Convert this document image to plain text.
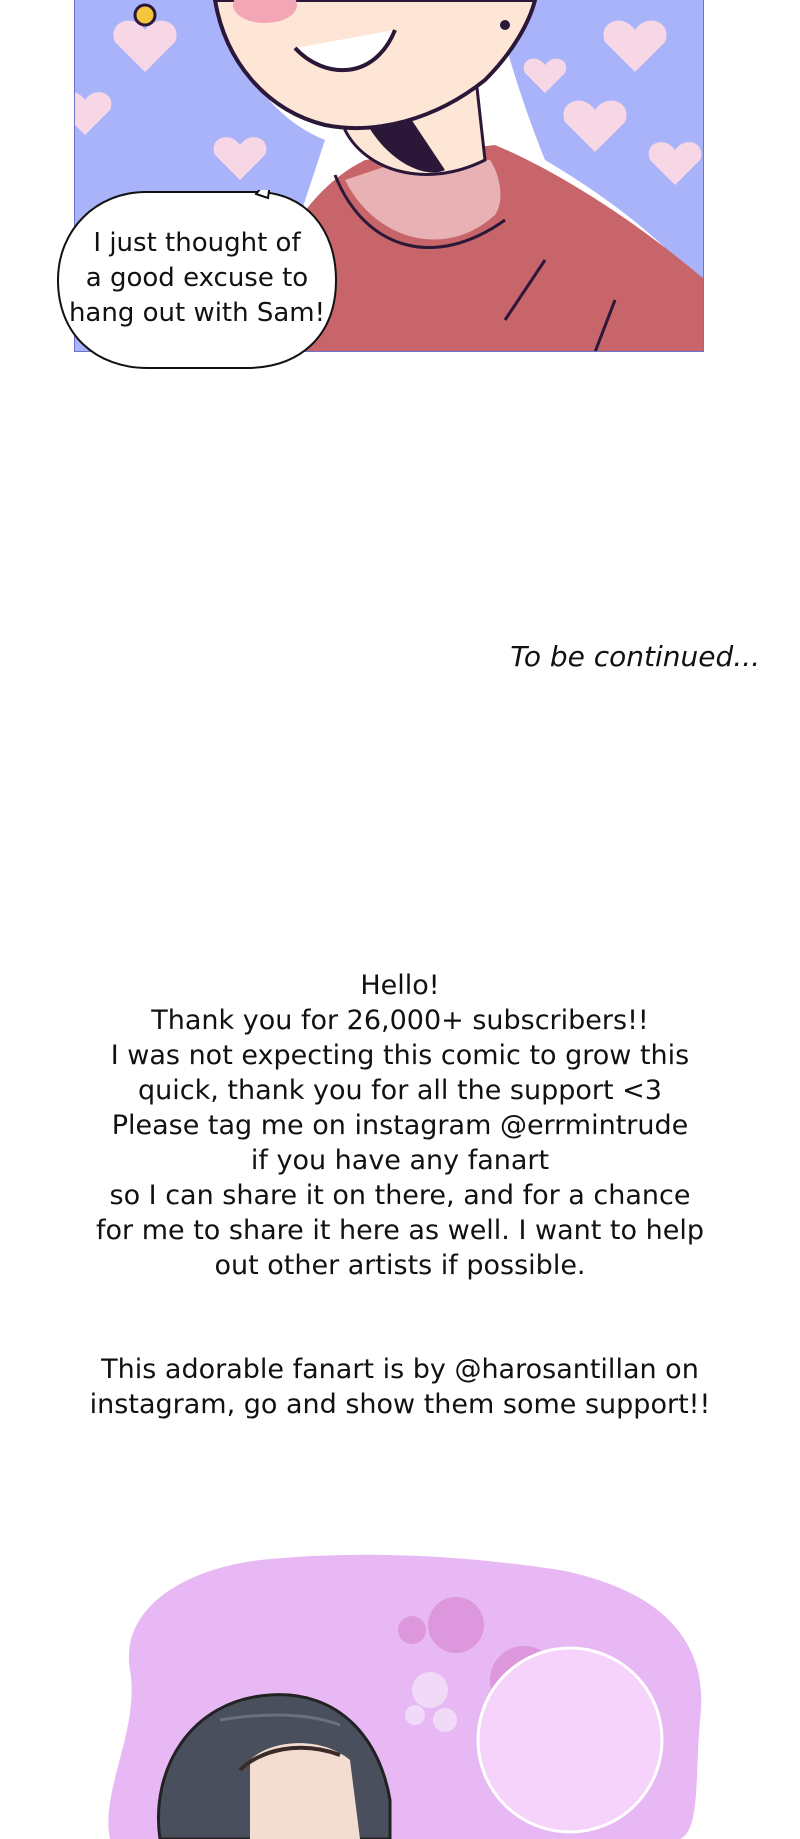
I just thought of
a good excuse to
hang out with Sam!
To be continued...
Hello!
Thank you for 26,000+ subscribers!!
I was not expecting this comic to grow this
quick, thank you for all the support <3
Please tag me on instagram @errmintrude
if you have any fanart
so I can share it on there, and for a chance
for me to share it here as well. I want to help
out other artists if possible.
This adorable fanart is by @harosantillan on
instagram, go and show them some support!!
